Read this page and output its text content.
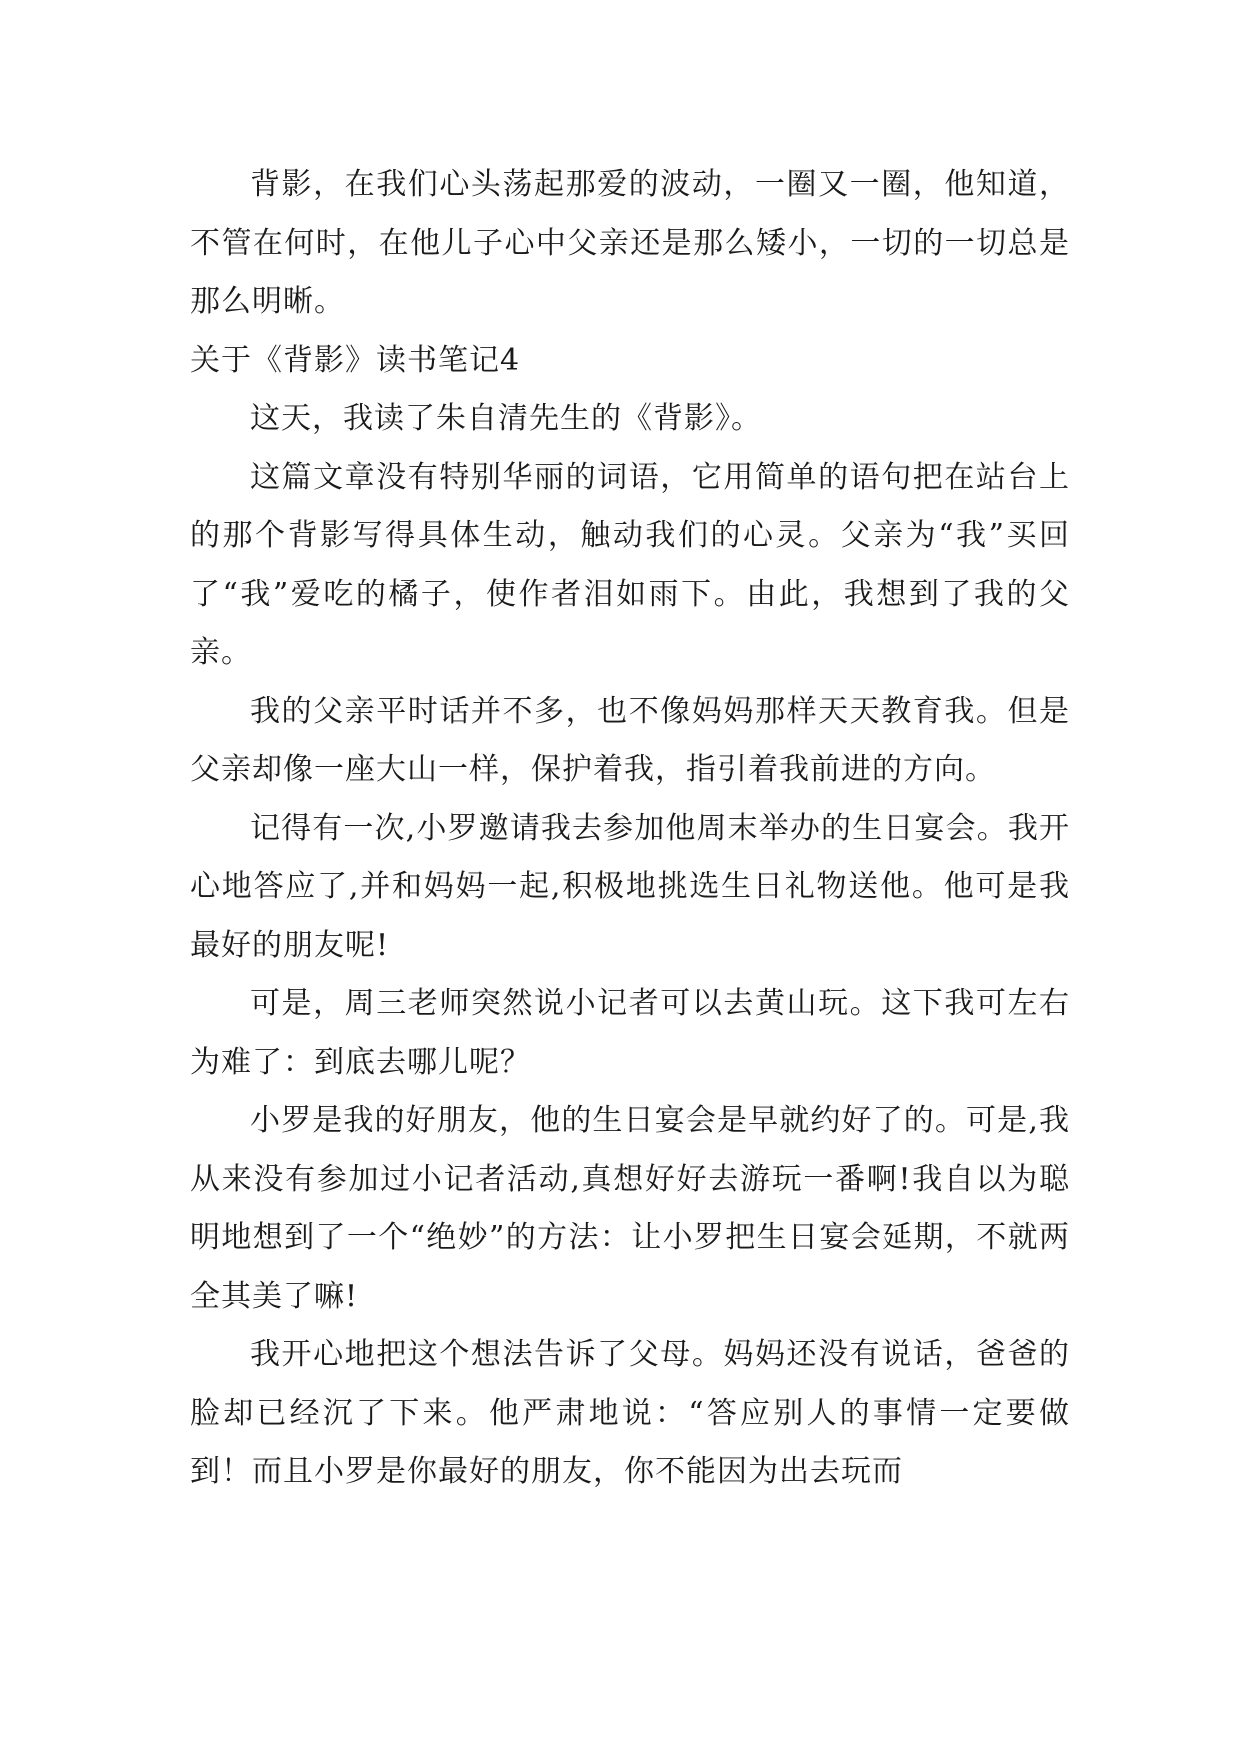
背影，在我们心头荡起那爱的波动，一圈又一圈，他知道，不管在何时，在他儿子心中父亲还是那么矮小，一切的一切总是那么明晰。

关于《背影》读书笔记4

这天，我读了朱自清先生的《背影》。

这篇文章没有特别华丽的词语，它用简单的语句把在站台上的那个背影写得具体生动，触动我们的心灵。父亲为“我”买回了“我”爱吃的橘子，使作者泪如雨下。由此，我想到了我的父亲。

我的父亲平时话并不多，也不像妈妈那样天天教育我。但是父亲却像一座大山一样，保护着我，指引着我前进的方向。

记得有一次,小罗邀请我去参加他周末举办的生日宴会。我开心地答应了,并和妈妈一起,积极地挑选生日礼物送他。他可是我最好的朋友呢!

可是，周三老师突然说小记者可以去黄山玩。这下我可左右为难了：到底去哪儿呢？

小罗是我的好朋友，他的生日宴会是早就约好了的。可是,我从来没有参加过小记者活动,真想好好去游玩一番啊!我自以为聪明地想到了一个“绝妙”的方法：让小罗把生日宴会延期，不就两全其美了嘛!

我开心地把这个想法告诉了父母。妈妈还没有说话，爸爸的脸却已经沉了下来。他严肃地说：“答应别人的事情一定要做到！而且小罗是你最好的朋友，你不能因为出去玩而
